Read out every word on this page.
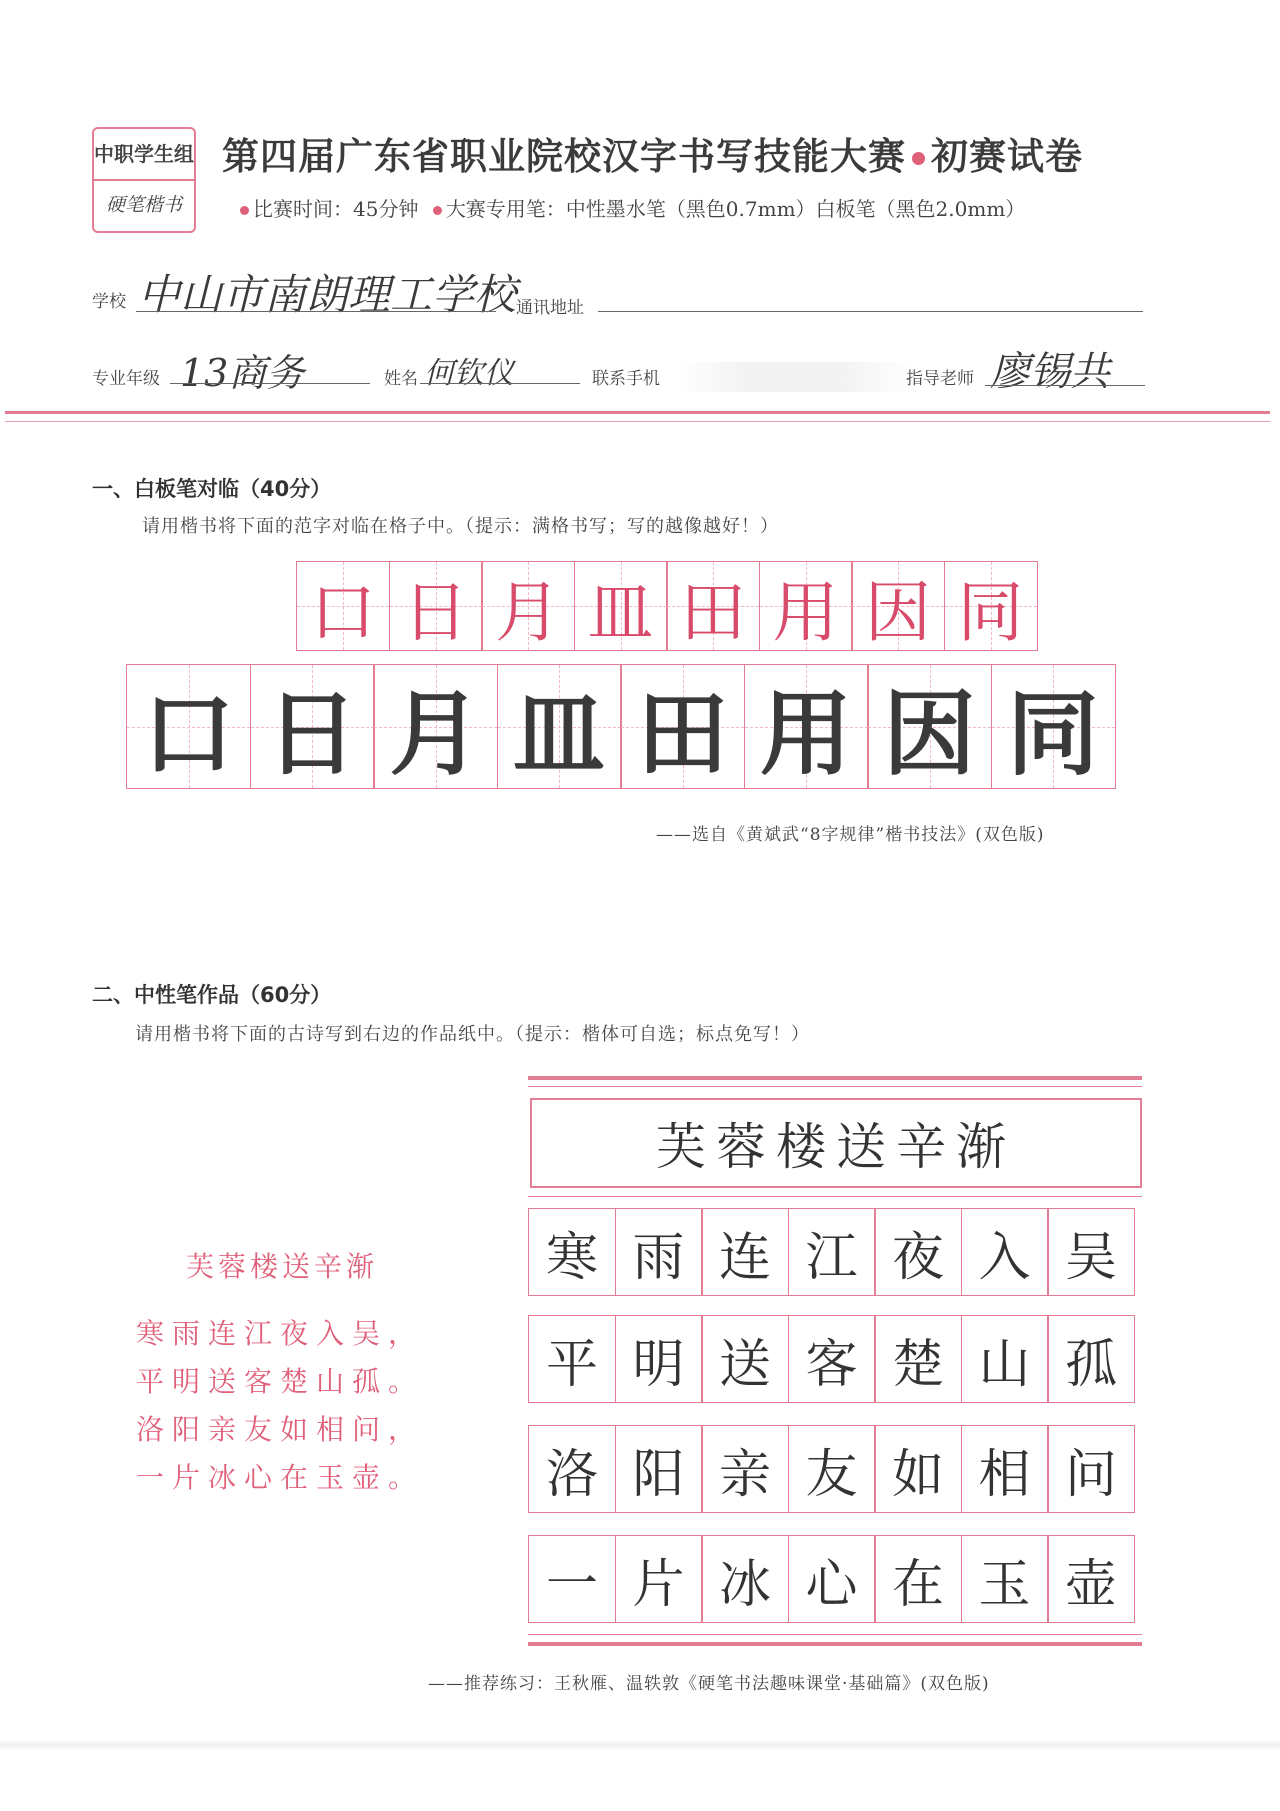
中职学生组
硬笔楷书
第四届广东省职业院校汉字书写技能大赛 初赛试卷
比赛时间：45分钟 大赛专用笔：中性墨水笔（黑色0.7mm）白板笔（黑色2.0mm）
学校 中山市南朗理工学校 通讯地址
专业年级 13商务	姓名 何钦仪	联系手机	指导老师 廖锡共
一、白板笔对临（40分）
请用楷书将下面的范字对临在格子中。（提示：满格书写；写的越像越好！）
口 日 月 皿 田 用 因 同
口 日 月 皿 田 用 因 同
——选自《黄斌武“8字规律”楷书技法》(双色版)
二、中性笔作品（60分）
请用楷书将下面的古诗写到右边的作品纸中。（提示：楷体可自选；标点免写！）
芙蓉楼送辛渐
寒雨连江夜入吴，
平明送客楚山孤。
洛阳亲友如相问，
一片冰心在玉壶。
芙蓉楼送辛渐
寒 雨 连 江 夜 入 吴
平 明 送 客 楚 山 孤
洛 阳 亲 友 如 相 问
一 片 冰 心 在 玉 壶
——推荐练习：王秋雁、温轶敦《硬笔书法趣味课堂·基础篇》(双色版)
